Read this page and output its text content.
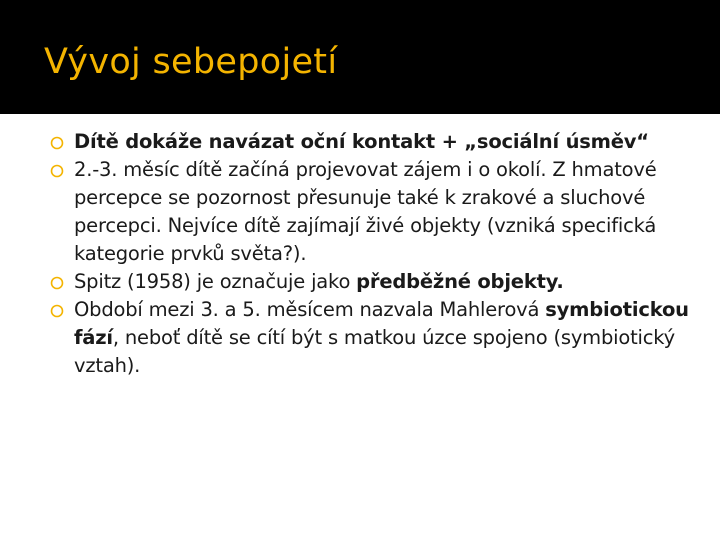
Vývoj sebepojetí
Dítě dokáže navázat oční kontakt + „sociální úsměv“
2.-3. měsíc dítě začíná projevovat zájem i o okolí. Z hmatové percepce se pozornost přesunuje také k zrakové a sluchové percepci. Nejvíce dítě zajímají živé objekty (vzniká specifická kategorie prvků světa?).
Spitz (1958) je označuje jako předběžné objekty.
Období mezi 3. a 5. měsícem nazvala Mahlerová symbiotickou fází, neboť dítě se cítí být s matkou úzce spojeno (symbiotický vztah).
